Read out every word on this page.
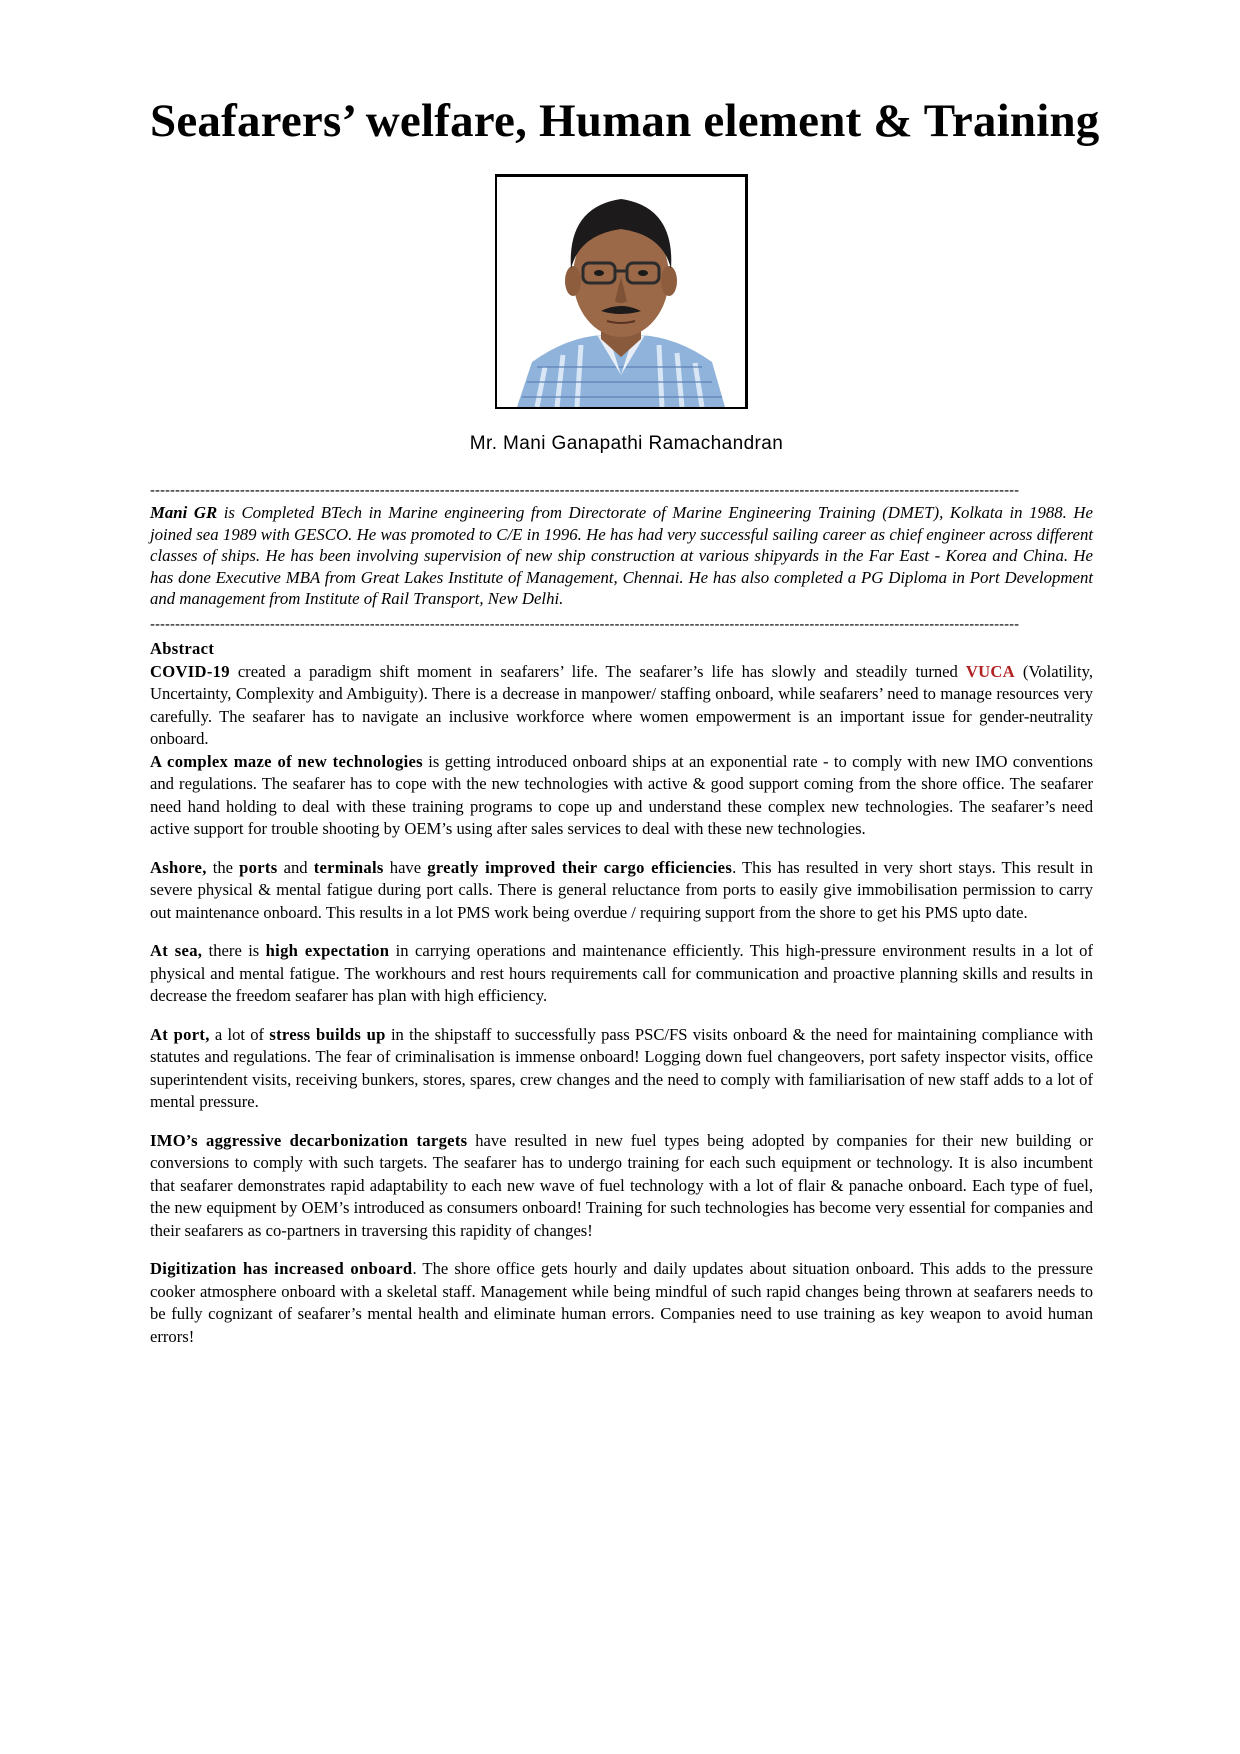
Seafarers’ welfare, Human element & Training
Mr. Mani Ganapathi Ramachandran
------------------------------------------------------------------------------------------------------------------------------------------------------------------------------
Mani GR is Completed BTech in Marine engineering from Directorate of Marine Engineering Training (DMET), Kolkata in 1988. He joined sea 1989 with GESCO. He was promoted to C/E in 1996. He has had very successful sailing career as chief engineer across different classes of ships. He has been involving supervision of new ship construction at various shipyards in the Far East - Korea and China. He has done Executive MBA from Great Lakes Institute of Management, Chennai. He has also completed a PG Diploma in Port Development and management from Institute of Rail Transport, New Delhi.
------------------------------------------------------------------------------------------------------------------------------------------------------------------------------

Abstract

COVID-19 created a paradigm shift moment in seafarers’ life. The seafarer’s life has slowly and steadily turned VUCA (Volatility, Uncertainty, Complexity and Ambiguity). There is a decrease in manpower/ staffing onboard, while seafarers’ need to manage resources very carefully. The seafarer has to navigate an inclusive workforce where women empowerment is an important issue for gender-neutrality onboard.

A complex maze of new technologies is getting introduced onboard ships at an exponential rate - to comply with new IMO conventions and regulations. The seafarer has to cope with the new technologies with active & good support coming from the shore office. The seafarer need hand holding to deal with these training programs to cope up and understand these complex new technologies. The seafarer’s need active support for trouble shooting by OEM’s using after sales services to deal with these new technologies.

Ashore, the ports and terminals have greatly improved their cargo efficiencies. This has resulted in very short stays. This result in severe physical & mental fatigue during port calls. There is general reluctance from ports to easily give immobilisation permission to carry out maintenance onboard. This results in a lot PMS work being overdue / requiring support from the shore to get his PMS upto date.

At sea, there is high expectation in carrying operations and maintenance efficiently. This high-pressure environment results in a lot of physical and mental fatigue. The workhours and rest hours requirements call for communication and proactive planning skills and results in decrease the freedom seafarer has plan with high efficiency.

At port, a lot of stress builds up in the shipstaff to successfully pass PSC/FS visits onboard & the need for maintaining compliance with statutes and regulations. The fear of criminalisation is immense onboard! Logging down fuel changeovers, port safety inspector visits, office superintendent visits, receiving bunkers, stores, spares, crew changes and the need to comply with familiarisation of new staff adds to a lot of mental pressure.

IMO’s aggressive decarbonization targets have resulted in new fuel types being adopted by companies for their new building or conversions to comply with such targets. The seafarer has to undergo training for each such equipment or technology. It is also incumbent that seafarer demonstrates rapid adaptability to each new wave of fuel technology with a lot of flair & panache onboard. Each type of fuel, the new equipment by OEM’s introduced as consumers onboard! Training for such technologies has become very essential for companies and their seafarers as co-partners in traversing this rapidity of changes!

Digitization has increased onboard. The shore office gets hourly and daily updates about situation onboard. This adds to the pressure cooker atmosphere onboard with a skeletal staff. Management while being mindful of such rapid changes being thrown at seafarers needs to be fully cognizant of seafarer’s mental health and eliminate human errors. Companies need to use training as key weapon to avoid human errors!
